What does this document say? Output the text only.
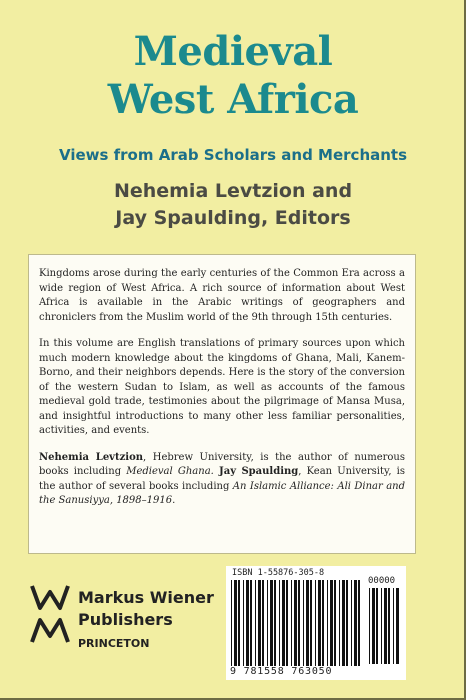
Medieval
West Africa
Views from Arab Scholars and Merchants
Nehemia Levtzion and
Jay Spaulding, Editors

Kingdoms arose during the early centuries of the Common Era across a wide region of West Africa. A rich source of information about West Africa is available in the Arabic writings of geographers and chroniclers from the Muslim world of the 9th through 15th centuries.

In this volume are English translations of primary sources upon which much modern knowledge about the kingdoms of Ghana, Mali, Kanem-Borno, and their neighbors depends. Here is the story of the conversion of the western Sudan to Islam, as well as accounts of the famous medieval gold trade, testimonies about the pilgrimage of Mansa Musa, and insightful introductions to many other less familiar personalities, activities, and events.

Nehemia Levtzion, Hebrew University, is the author of numerous books including Medieval Ghana. Jay Spaulding, Kean University, is the author of several books including An Islamic Alliance: Ali Dinar and the Sanusiyya, 1898–1916.

Markus Wiener
Publishers
PRINCETON
ISBN 1-55876-305-8
00000
9 781558 763050
